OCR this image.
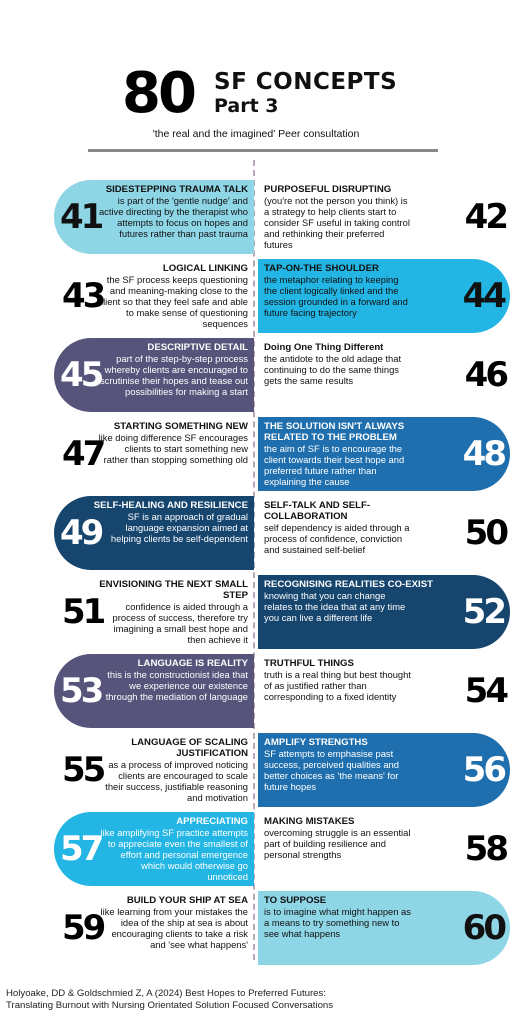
80 SF CONCEPTS
Part 3
'the real and the imagined' Peer consultation
41
SIDESTEPPING TRAUMA TALK
is part of the 'gentle nudge' and active directing by the therapist who attempts to focus on hopes and futures rather than past trauma	42
PURPOSEFUL DISRUPTING
(you're not the person you think) is a strategy to help clients start to consider SF useful in taking control and rethinking their preferred futures
43
LOGICAL LINKING
the SF process keeps questioning and meaning-making close to the client so that they feel safe and able to make sense of questioning sequences
44
TAP-ON-THE SHOULDER
the metaphor relating to keeping the client logically linked and the session grounded in a forward and future facing trajectory
45
DESCRIPTIVE DETAIL
part of the step-by-step process whereby clients are encouraged to scrutinise their hopes and tease out possibilities for making a start	46
Doing One Thing Different
the antidote to the old adage that continuing to do the same things gets the same results
47
STARTING SOMETHING NEW
like doing difference SF encourages clients to start something new rather than stopping something old	48
THE SOLUTION ISN'T ALWAYS RELATED TO THE PROBLEM
the aim of SF is to encourage the client towards their best hope and preferred future rather than explaining the cause
49
SELF-HEALING AND RESILIENCE
SF is an approach of gradual language expansion aimed at helping clients be self-dependent	50
SELF-TALK AND SELF-COLLABORATION
self dependency is aided through a process of confidence, conviction and sustained self-belief
51
ENVISIONING THE NEXT SMALL STEP
confidence is aided through a process of success, therefore try imagining a small best hope and then achieve it
52
RECOGNISING REALITIES CO-EXIST
knowing that you can change relates to the idea that at any time you can live a different life
53
LANGUAGE IS REALITY
this is the constructionist idea that we experience our existence through the mediation of language	54
TRUTHFUL THINGS
truth is a real thing but best thought of as justified rather than corresponding to a fixed identity
55
LANGUAGE OF SCALING JUSTIFICATION
as a process of improved noticing clients are encouraged to scale their success, justifiable reasoning and motivation
56
AMPLIFY STRENGTHS
SF attempts to emphasise past success, perceived qualities and better choices as 'the means' for future hopes
57
APPRECIATING
like amplifying SF practice attempts to appreciate even the smallest of effort and personal emergence which would otherwise go unnoticed
58
MAKING MISTAKES
overcoming struggle is an essential part of building resilience and personal strengths
59
BUILD YOUR SHIP AT SEA
like learning from your mistakes the idea of the ship at sea is about encouraging clients to take a risk and 'see what happens'	60
TO SUPPOSE
is to imagine what might happen as a means to try something new to see what happens
Holyoake, DD & Goldschmied Z, A (2024) Best Hopes to Preferred Futures:
Translating Burnout with Nursing Orientated Solution Focused Conversations
